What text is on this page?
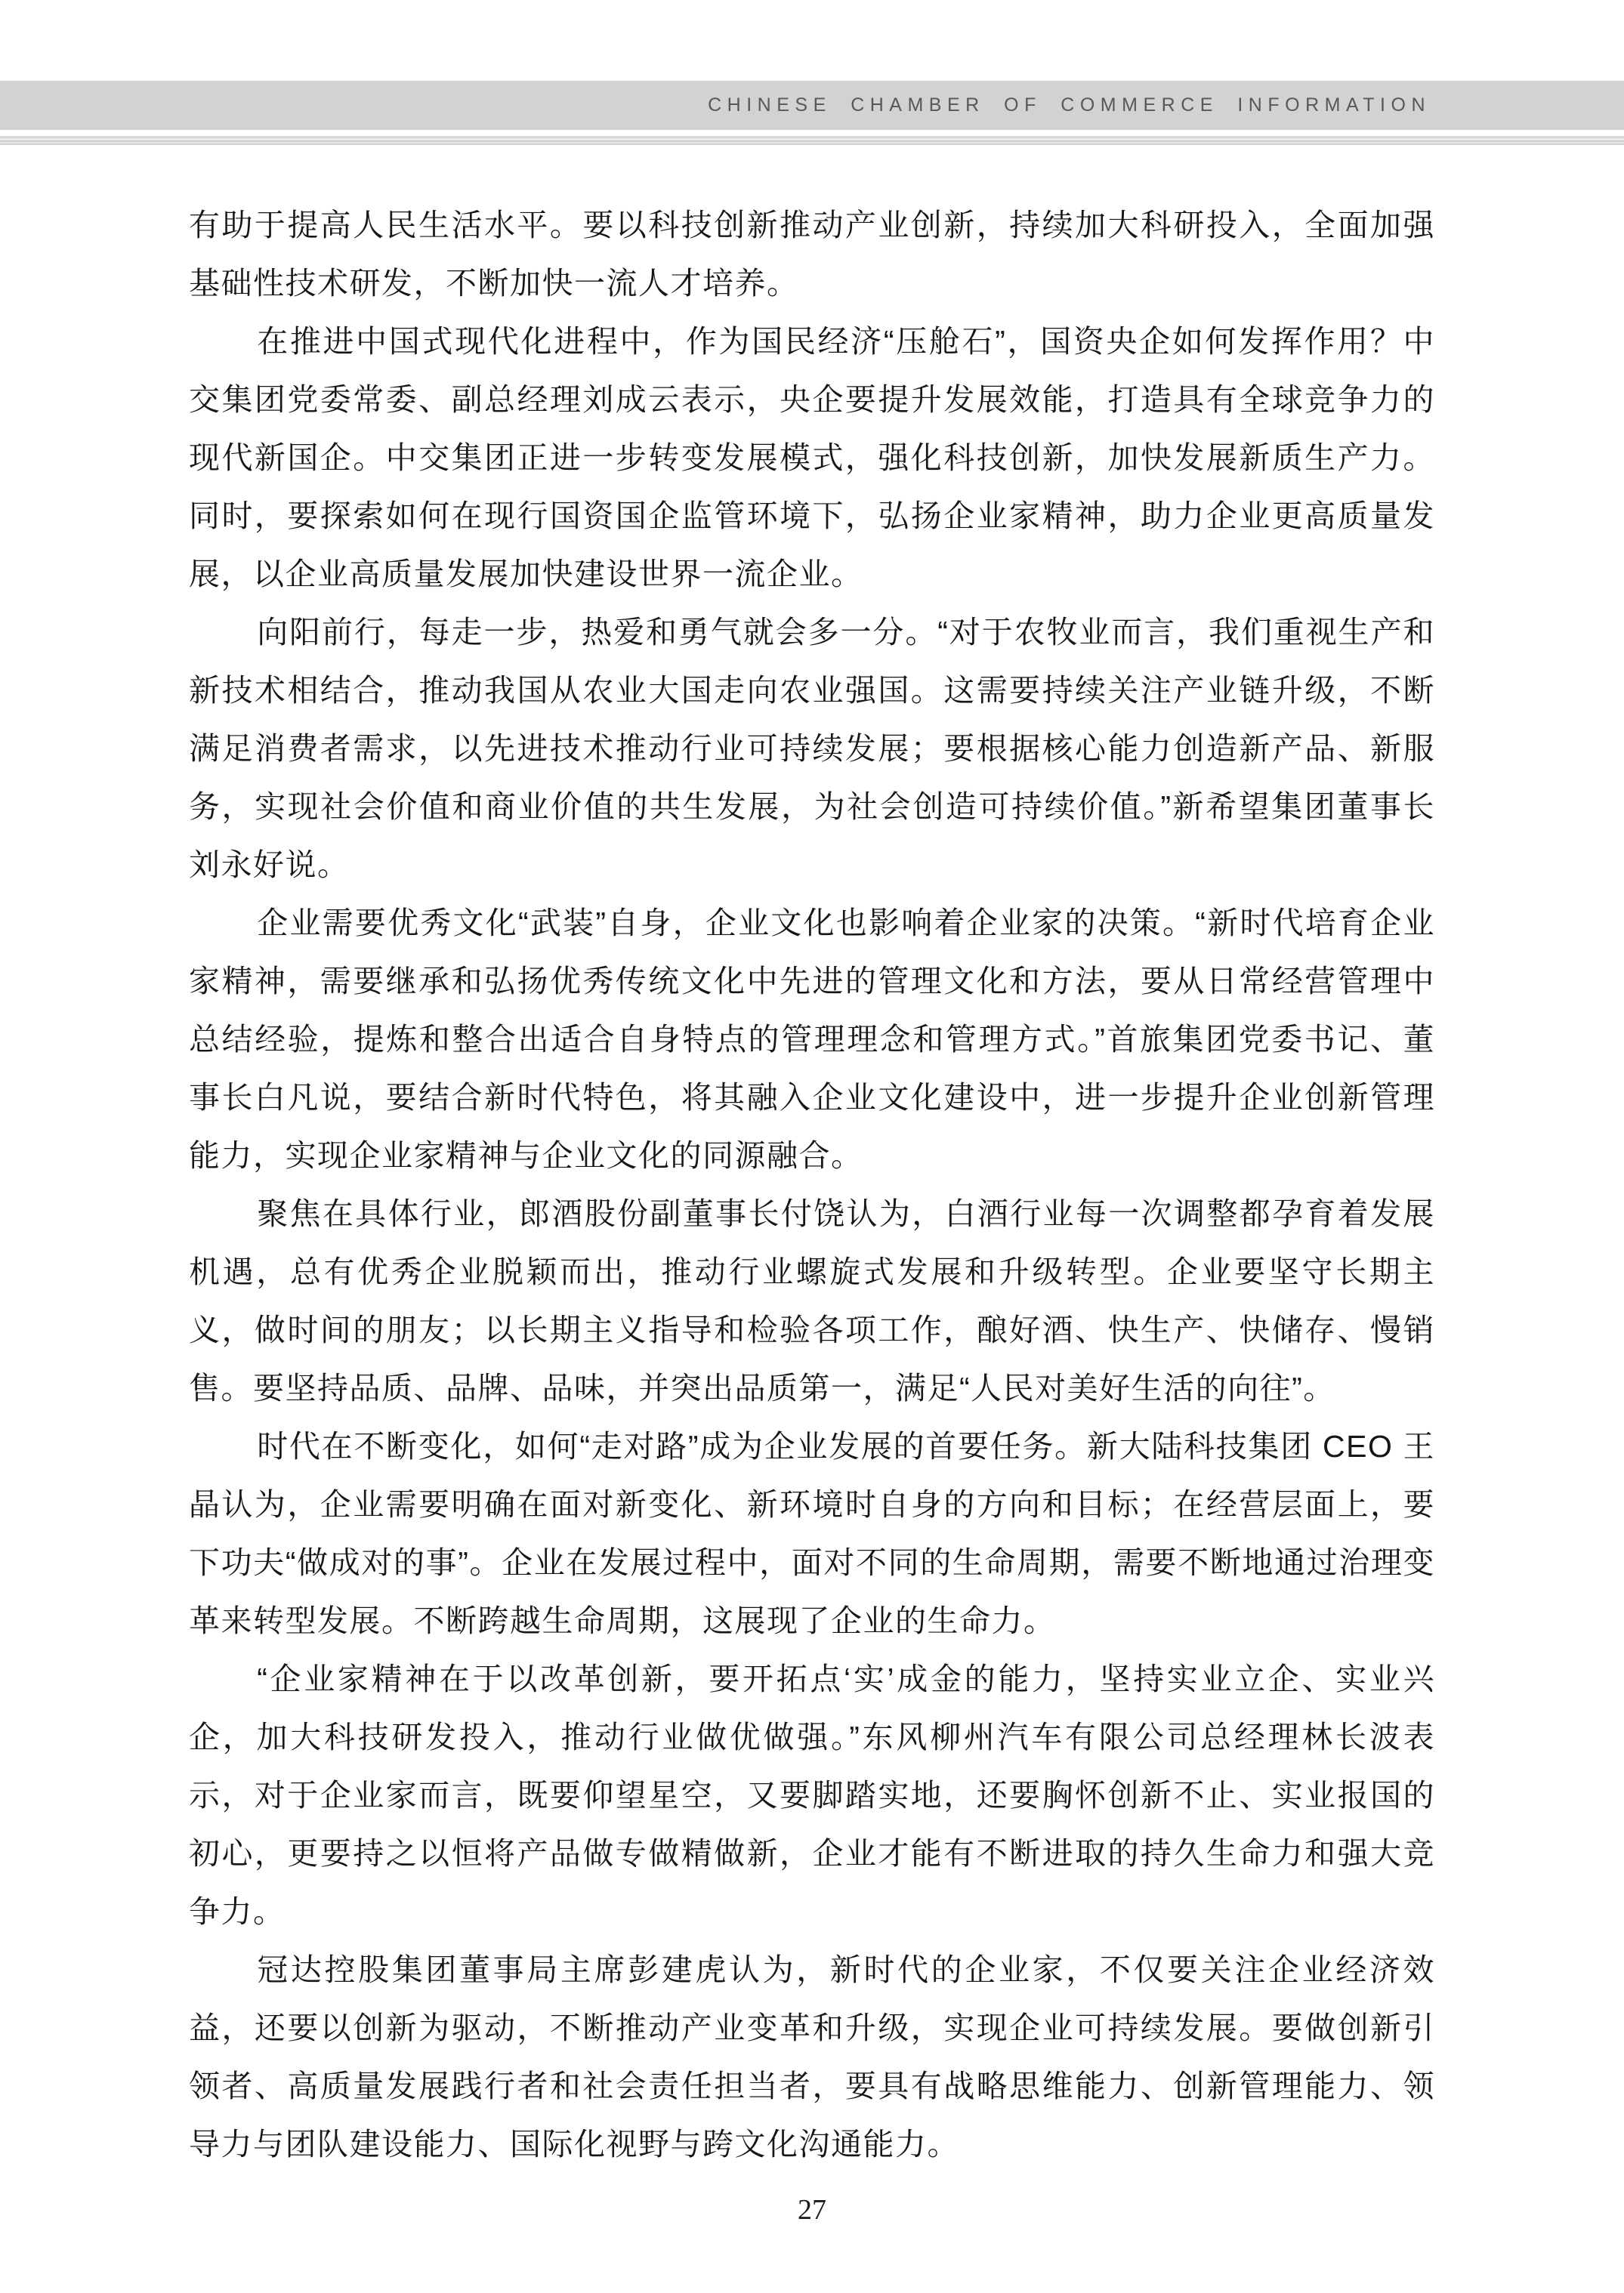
CHINESE CHAMBER OF COMMERCE INFORMATION

有助于提高人民生活水平。要以科技创新推动产业创新，持续加大科研投入，全面加强基础性技术研发，不断加快一流人才培养。

在推进中国式现代化进程中，作为国民经济“压舱石”，国资央企如何发挥作用？中交集团党委常委、副总经理刘成云表示，央企要提升发展效能，打造具有全球竞争力的现代新国企。中交集团正进一步转变发展模式，强化科技创新，加快发展新质生产力。同时，要探索如何在现行国资国企监管环境下，弘扬企业家精神，助力企业更高质量发展，以企业高质量发展加快建设世界一流企业。

向阳前行，每走一步，热爱和勇气就会多一分。“对于农牧业而言，我们重视生产和新技术相结合，推动我国从农业大国走向农业强国。这需要持续关注产业链升级，不断满足消费者需求，以先进技术推动行业可持续发展；要根据核心能力创造新产品、新服务，实现社会价值和商业价值的共生发展，为社会创造可持续价值。”新希望集团董事长刘永好说。

企业需要优秀文化“武装”自身，企业文化也影响着企业家的决策。“新时代培育企业家精神，需要继承和弘扬优秀传统文化中先进的管理文化和方法，要从日常经营管理中总结经验，提炼和整合出适合自身特点的管理理念和管理方式。”首旅集团党委书记、董事长白凡说，要结合新时代特色，将其融入企业文化建设中，进一步提升企业创新管理能力，实现企业家精神与企业文化的同源融合。

聚焦在具体行业，郎酒股份副董事长付饶认为，白酒行业每一次调整都孕育着发展机遇，总有优秀企业脱颖而出，推动行业螺旋式发展和升级转型。企业要坚守长期主义，做时间的朋友；以长期主义指导和检验各项工作，酿好酒、快生产、快储存、慢销售。要坚持品质、品牌、品味，并突出品质第一，满足“人民对美好生活的向往”。

时代在不断变化，如何“走对路”成为企业发展的首要任务。新大陆科技集团 CEO 王晶认为，企业需要明确在面对新变化、新环境时自身的方向和目标；在经营层面上，要下功夫“做成对的事”。企业在发展过程中，面对不同的生命周期，需要不断地通过治理变革来转型发展。不断跨越生命周期，这展现了企业的生命力。

“企业家精神在于以改革创新，要开拓点‘实’成金的能力，坚持实业立企、实业兴企，加大科技研发投入，推动行业做优做强。”东风柳州汽车有限公司总经理林长波表示，对于企业家而言，既要仰望星空，又要脚踏实地，还要胸怀创新不止、实业报国的初心，更要持之以恒将产品做专做精做新，企业才能有不断进取的持久生命力和强大竞争力。

冠达控股集团董事局主席彭建虎认为，新时代的企业家，不仅要关注企业经济效益，还要以创新为驱动，不断推动产业变革和升级，实现企业可持续发展。要做创新引领者、高质量发展践行者和社会责任担当者，要具有战略思维能力、创新管理能力、领导力与团队建设能力、国际化视野与跨文化沟通能力。

27
